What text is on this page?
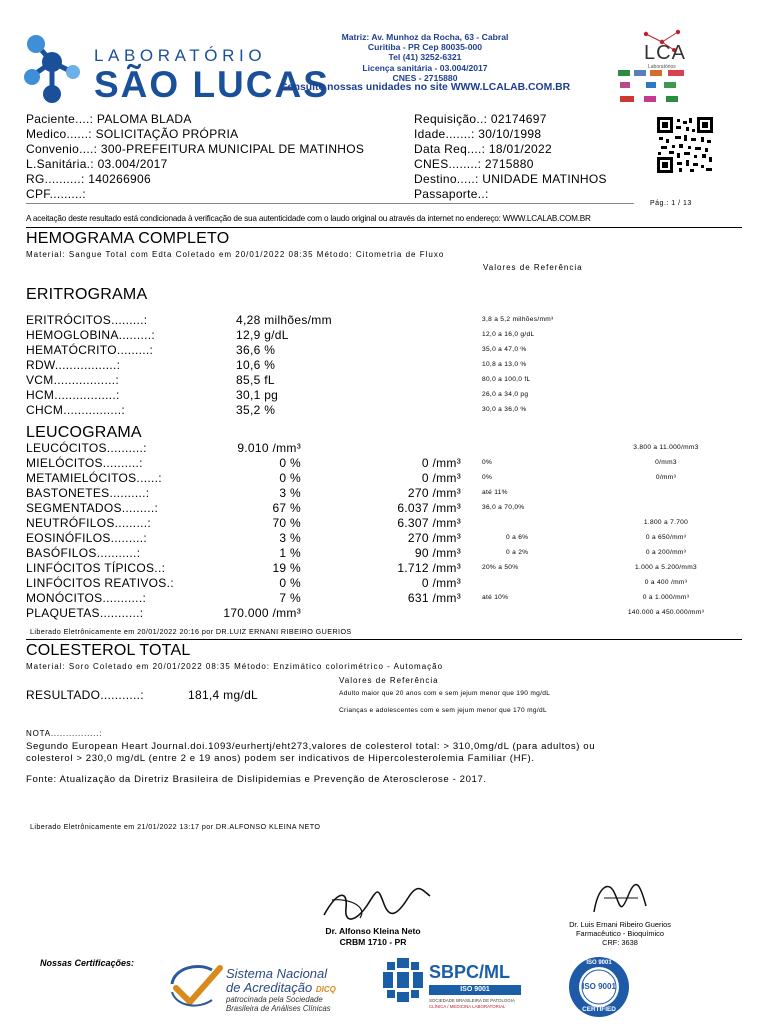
LABORATÓRIO
SÃO LUCAS
Matriz: Av. Munhoz da Rocha, 63 - Cabral
Curitiba - PR Cep 80035-000
Tel (41) 3252-6321
Licença sanitária - 03.004/2017
CNES - 2715880
Consulte nossas unidades no site WWW.LCALAB.COM.BR
LCA
Laboratórios
Paciente....: PALOMA BLADA
Medico......: SOLICITAÇÃO PRÓPRIA
Convenio....: 300-PREFEITURA MUNICIPAL DE MATINHOS
L.Sanitária.: 03.004/2017
RG..........: 140266906
CPF.........:
Requisição..: 02174697
Idade.......: 30/10/1998
Data Req....: 18/01/2022
CNES........: 2715880
Destino.....: UNIDADE MATINHOS
Passaporte..:
Pág.: 1 / 13
A aceitação deste resultado está condicionada à verificação de sua autenticidade com o laudo original ou através da internet no endereço: WWW.LCALAB.COM.BR
HEMOGRAMA COMPLETO
Material: Sangue Total com Edta Coletado em 20/01/2022 08:35 Método: Citometria de Fluxo
Valores de Referência
ERITROGRAMA
ERITRÓCITOS.........:	4,28 milhões/mm	3,8 a 5,2 milhões/mm³
HEMOGLOBINA.........:	12,9 g/dL	12,0 a 16,0 g/dL
HEMATÓCRITO.........:	36,6 %	35,0 a 47,0 %
RDW.................:	10,6 %	10,8 a 13,0 %
VCM.................:	85,5 fL	80,0 a 100,0 fL
HCM.................:	30,1 pg	26,0 a 34,0 pg
CHCM................:	35,2 %	30,0 a 36,0 %
LEUCOGRAMA
LEUCÓCITOS..........:	9.010 /mm³	3.800 a 11.000/mm3
MIELÓCITOS..........:	0 %	0 /mm³	0%	0/mm3
METAMIELÓCITOS......:	0 %	0 /mm³	0%	0/mm³
BASTONETES..........:	3 %	270 /mm³	até 11%
SEGMENTADOS.........:	67 %	6.037 /mm³	36,0 a 70,0%
NEUTRÓFILOS.........:	70 %	6.307 /mm³	1.800 a 7.700
EOSINÓFILOS.........:	3 %	270 /mm³	0 a 6%	0 a 650/mm³
BASÓFILOS...........:	1 %	90 /mm³	0 a 2%	0 a 200/mm³
LINFÓCITOS TÍPICOS..:	19 %	1.712 /mm³	20% a 50%	1.000 a 5.200/mm3
LINFÓCITOS REATIVOS.:	0 %	0 /mm³	0 a 400 /mm³
MONÓCITOS...........:	7 %	631 /mm³	até 10%	0 a 1.000/mm³
PLAQUETAS...........:	170.000 /mm³	140.000 a 450.000/mm³
Liberado Eletrônicamente em 20/01/2022 20:16 por DR.LUIZ ERNANI RIBEIRO GUERIOS
COLESTEROL TOTAL
Material: Soro Coletado em 20/01/2022 08:35 Método: Enzimático colorimétrico - Automação
Valores de Referência
RESULTADO...........:	181,4 mg/dL	Adulto maior que 20 anos com e sem jejum menor que 190 mg/dL
Crianças e adolescentes com e sem jejum menor que 170 mg/dL
NOTA................:
Segundo European Heart Journal.doi.1093/eurhertj/eht273,valores de colesterol total: > 310,0mg/dL (para adultos) ou
colesterol > 230,0 mg/dL (entre 2 e 19 anos) podem ser indicativos de Hipercolesterolemia Familiar (HF).
Fonte: Atualização da Diretriz Brasileira de Dislipidemias e Prevenção de Aterosclerose - 2017.
Liberado Eletrônicamente em 21/01/2022 13:17 por DR.ALFONSO KLEINA NETO
Dr. Alfonso Kleina Neto
CRBM 1710 - PR
Dr. Luis Ernani Ribeiro Guerios
Farmacêutico - Bioquímico
CRF: 3638
Nossas Certificações:
Sistema Nacional
de Acreditação DICQ
patrocinada pela Sociedade
Brasileira de Análises Clínicas
SBPC/ML
ISO 9001
SOCIEDADE BRASILEIRA DE PATOLOGIA
CLÍNICA / MEDICINA LABORATORIAL
ISO 9001
ISO 9001
CERTIFIED
